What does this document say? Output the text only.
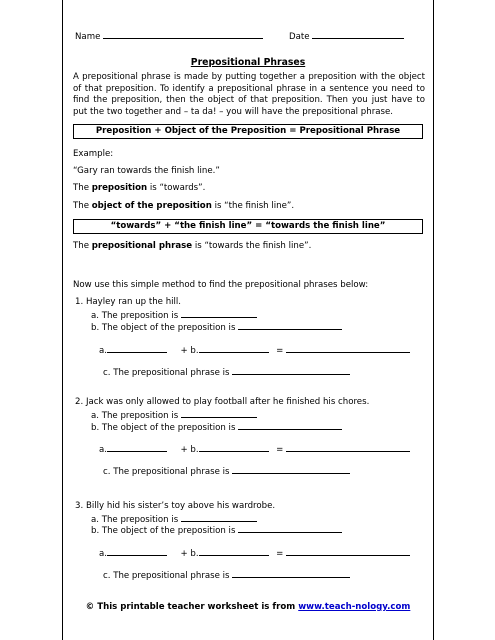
Name	Date
Prepositional Phrases
A prepositional phrase is made by putting together a preposition with the object of that preposition. To identify a prepositional phrase in a sentence you need to find the preposition, then the object of that preposition. Then you just have to put the two together and – ta da! – you will have the prepositional phrase.
Preposition + Object of the Preposition = Prepositional Phrase
Example:
“Gary ran towards the finish line.”
The preposition is “towards”.
The object of the preposition is “the finish line”.
“towards” + “the finish line” = “towards the finish line”
The prepositional phrase is “towards the finish line”.
Now use this simple method to find the prepositional phrases below:
1. Hayley ran up the hill.
a. The preposition is
b. The object of the preposition is
a.	+ b.	=
c. The prepositional phrase is
2. Jack was only allowed to play football after he finished his chores.
a. The preposition is
b. The object of the preposition is
a.	+ b.	=
c. The prepositional phrase is
3. Billy hid his sister’s toy above his wardrobe.
a. The preposition is
b. The object of the preposition is
a.	+ b.	=
c. The prepositional phrase is
© This printable teacher worksheet is from www.teach-nology.com
